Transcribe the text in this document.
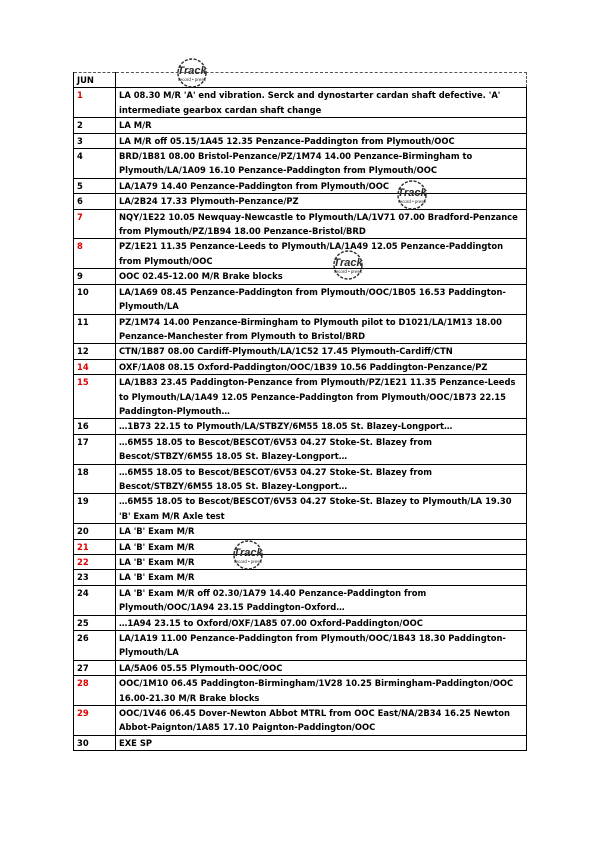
JUN	
1	LA 08.30 M/R 'A' end vibration. Serck and dynostarter cardan shaft defective. 'A' intermediate gearbox cardan shaft change
2	LA M/R
3	LA M/R off 05.15/1A45 12.35 Penzance-Paddington from Plymouth/OOC
4	BRD/1B81 08.00 Bristol-Penzance/PZ/1M74 14.00 Penzance-Birmingham to Plymouth/LA/1A09 16.10 Penzance-Paddington from Plymouth/OOC
5	LA/1A79 14.40 Penzance-Paddington from Plymouth/OOC
6	LA/2B24 17.33 Plymouth-Penzance/PZ
7	NQY/1E22 10.05 Newquay-Newcastle to Plymouth/LA/1V71 07.00 Bradford-Penzance from Plymouth/PZ/1B94 18.00 Penzance-Bristol/BRD
8	PZ/1E21 11.35 Penzance-Leeds to Plymouth/LA/1A49 12.05 Penzance-Paddington from Plymouth/OOC
9	OOC 02.45-12.00 M/R Brake blocks
10	LA/1A69 08.45 Penzance-Paddington from Plymouth/OOC/1B05 16.53 Paddington-Plymouth/LA
11	PZ/1M74 14.00 Penzance-Birmingham to Plymouth pilot to D1021/LA/1M13 18.00 Penzance-Manchester from Plymouth to Bristol/BRD
12	CTN/1B87 08.00 Cardiff-Plymouth/LA/1C52 17.45 Plymouth-Cardiff/CTN
14	OXF/1A08 08.15 Oxford-Paddington/OOC/1B39 10.56 Paddington-Penzance/PZ
15	LA/1B83 23.45 Paddington-Penzance from Plymouth/PZ/1E21 11.35 Penzance-Leeds to Plymouth/LA/1A49 12.05 Penzance-Paddington from Plymouth/OOC/1B73 22.15 Paddington-Plymouth…
16	…1B73 22.15 to Plymouth/LA/STBZY/6M55 18.05 St. Blazey-Longport…
17	…6M55 18.05 to Bescot/BESCOT/6V53 04.27 Stoke-St. Blazey from Bescot/STBZY/6M55 18.05 St. Blazey-Longport…
18	…6M55 18.05 to Bescot/BESCOT/6V53 04.27 Stoke-St. Blazey from Bescot/STBZY/6M55 18.05 St. Blazey-Longport…
19	…6M55 18.05 to Bescot/BESCOT/6V53 04.27 Stoke-St. Blazey to Plymouth/LA 19.30 'B' Exam M/R Axle test
20	LA 'B' Exam M/R
21	LA 'B' Exam M/R
22	LA 'B' Exam M/R
23	LA 'B' Exam M/R
24	LA 'B' Exam M/R off 02.30/1A79 14.40 Penzance-Paddington from Plymouth/OOC/1A94 23.15 Paddington-Oxford…
25	…1A94 23.15 to Oxford/OXF/1A85 07.00 Oxford-Paddington/OOC
26	LA/1A19 11.00 Penzance-Paddington from Plymouth/OOC/1B43 18.30 Paddington-Plymouth/LA
27	LA/5A06 05.55 Plymouth-OOC/OOC
28	OOC/1M10 06.45 Paddington-Birmingham/1V28 10.25 Birmingham-Paddington/OOC 16.00-21.30 M/R Brake blocks
29	OOC/1V46 06.45 Dover-Newton Abbot MTRL from OOC East/NA/2B34 16.25 Newton Abbot-Paignton/1A85 17.10 Paignton-Paddington/OOC
30	EXE SP
Track
record • press
Track
record • press
Track
record • press
Track
record • press
